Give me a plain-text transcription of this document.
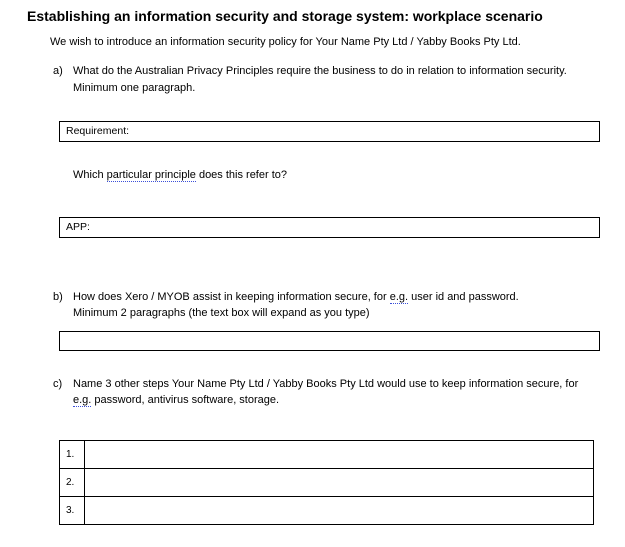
Establishing an information security and storage system: workplace scenario
We wish to introduce an information security policy for Your Name Pty Ltd / Yabby Books Pty Ltd.
a) What do the Australian Privacy Principles require the business to do in relation to information security.
Minimum one paragraph.
Requirement:
Which particular principle does this refer to?
APP:
b) How does Xero / MYOB assist in keeping information secure, for e.g. user id and password.
Minimum 2 paragraphs (the text box will expand as you type)
c) Name 3 other steps Your Name Pty Ltd / Yabby Books Pty Ltd would use to keep information secure, for
e.g. password, antivirus software, storage.
1.	
2.	
3.	
